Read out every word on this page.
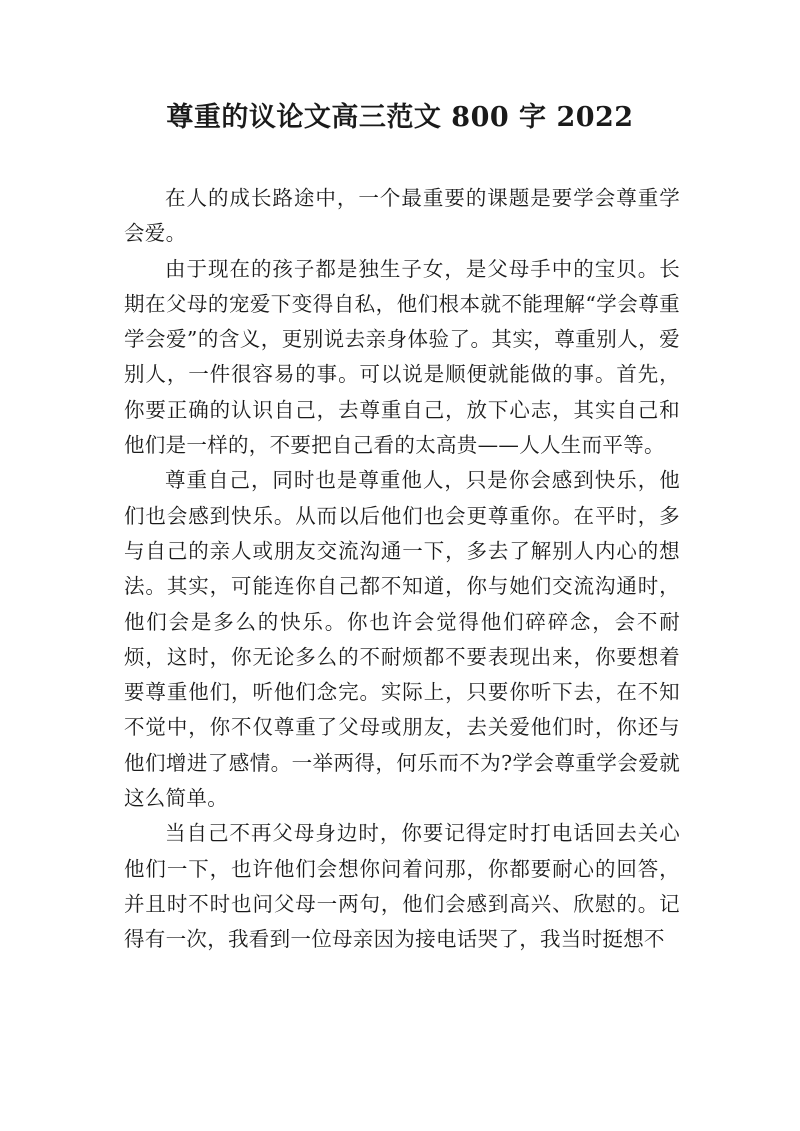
尊重的议论文高三范文 800 字 2022

在人的成长路途中，一个最重要的课题是要学会尊重学会爱。

由于现在的孩子都是独生子女，是父母手中的宝贝。长期在父母的宠爱下变得自私，他们根本就不能理解“学会尊重学会爱”的含义，更别说去亲身体验了。其实，尊重别人，爱别人，一件很容易的事。可以说是顺便就能做的事。首先，你要正确的认识自己，去尊重自己，放下心志，其实自己和他们是一样的，不要把自己看的太高贵——人人生而平等。

尊重自己，同时也是尊重他人，只是你会感到快乐，他们也会感到快乐。从而以后他们也会更尊重你。在平时，多与自己的亲人或朋友交流沟通一下，多去了解别人内心的想法。其实，可能连你自己都不知道，你与她们交流沟通时，他们会是多么的快乐。你也许会觉得他们碎碎念，会不耐烦，这时，你无论多么的不耐烦都不要表现出来，你要想着要尊重他们，听他们念完。实际上，只要你听下去，在不知不觉中，你不仅尊重了父母或朋友，去关爱他们时，你还与他们增进了感情。一举两得，何乐而不为?学会尊重学会爱就这么简单。

当自己不再父母身边时，你要记得定时打电话回去关心他们一下，也许他们会想你问着问那，你都要耐心的回答，并且时不时也问父母一两句，他们会感到高兴、欣慰的。记得有一次，我看到一位母亲因为接电话哭了，我当时挺想不
